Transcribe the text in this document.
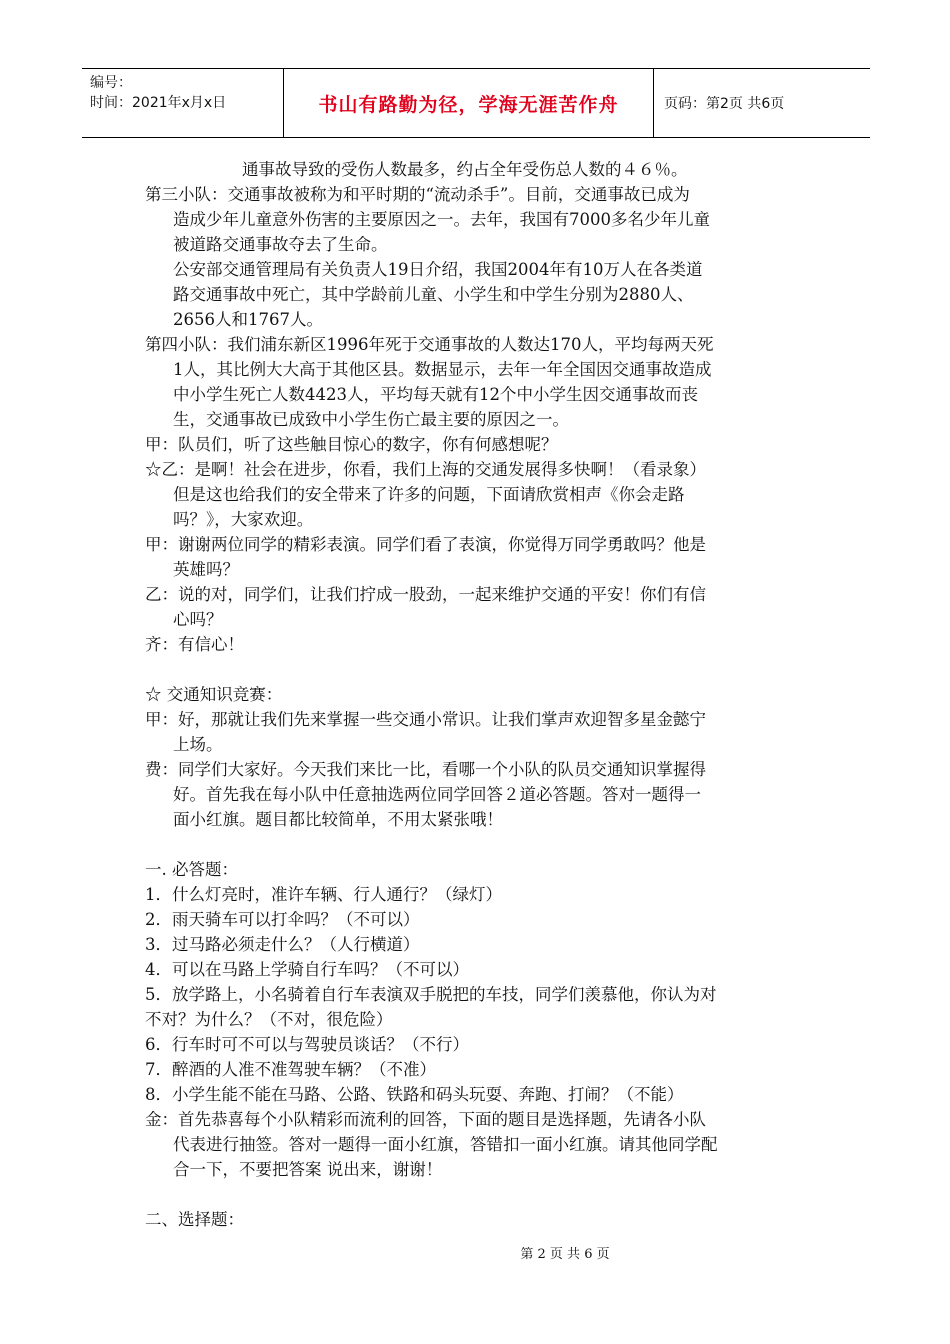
编号：
时间：2021年x月x日	书山有路勤为径，学海无涯苦作舟	页码：第2页 共6页
通事故导致的受伤人数最多，约占全年受伤总人数的４６％。
第三小队：交通事故被称为和平时期的“流动杀手”。目前，交通事故已成为
造成少年儿童意外伤害的主要原因之一。去年，我国有7000多名少年儿童
被道路交通事故夺去了生命。
公安部交通管理局有关负责人19日介绍，我国2004年有10万人在各类道
路交通事故中死亡，其中学龄前儿童、小学生和中学生分别为2880人、
2656人和1767人。
第四小队：我们浦东新区1996年死于交通事故的人数达170人，平均每两天死
1人，其比例大大高于其他区县。数据显示，去年一年全国因交通事故造成
中小学生死亡人数4423人，平均每天就有12个中小学生因交通事故而丧
生，交通事故已成致中小学生伤亡最主要的原因之一。
甲：队员们，听了这些触目惊心的数字，你有何感想呢？
☆乙：是啊！社会在进步，你看，我们上海的交通发展得多快啊！（看录象）
但是这也给我们的安全带来了许多的问题，下面请欣赏相声《你会走路
吗？》，大家欢迎。
甲：谢谢两位同学的精彩表演。同学们看了表演，你觉得万同学勇敢吗？他是
英雄吗？
乙：说的对，同学们，让我们拧成一股劲，一起来维护交通的平安！你们有信
心吗？
齐：有信心！
☆ 交通知识竞赛：
甲：好，那就让我们先来掌握一些交通小常识。让我们掌声欢迎智多星金懿宁
上场。
费：同学们大家好。今天我们来比一比，看哪一个小队的队员交通知识掌握得
好。首先我在每小队中任意抽选两位同学回答２道必答题。答对一题得一
面小红旗。题目都比较简单，不用太紧张哦！
一. 必答题：
1．什么灯亮时，准许车辆、行人通行？（绿灯）
2．雨天骑车可以打伞吗？（不可以）
3．过马路必须走什么？（人行横道）
4．可以在马路上学骑自行车吗？（不可以）
5．放学路上，小名骑着自行车表演双手脱把的车技，同学们羡慕他，你认为对
不对？为什么？（不对，很危险）
6．行车时可不可以与驾驶员谈话？（不行）
7．醉酒的人准不准驾驶车辆？（不准）
8．小学生能不能在马路、公路、铁路和码头玩耍、奔跑、打闹？（不能）
金：首先恭喜每个小队精彩而流利的回答，下面的题目是选择题，先请各小队
代表进行抽签。答对一题得一面小红旗，答错扣一面小红旗。请其他同学配
合一下，不要把答案 说出来，谢谢！
二、选择题：
第 2 页 共 6 页
